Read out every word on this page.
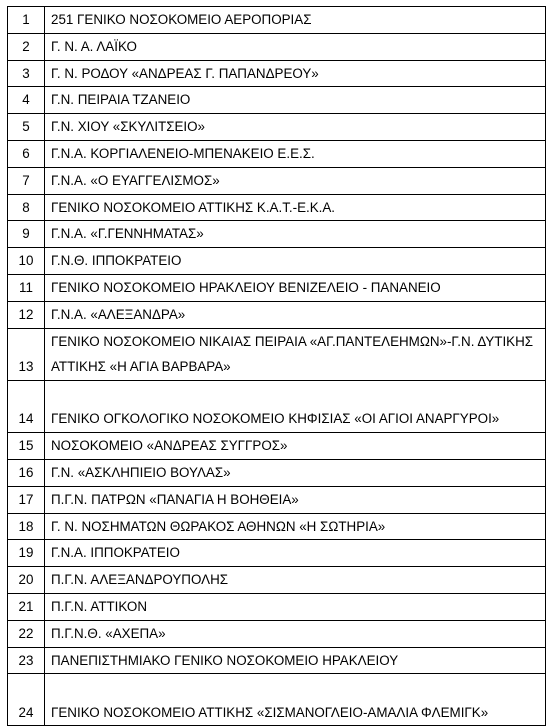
1	251 ΓΕΝΙΚΟ ΝΟΣΟΚΟΜΕΙΟ ΑΕΡΟΠΟΡΙΑΣ
2	Γ. Ν. Α. ΛΑΪΚΟ
3	Γ. Ν. ΡΟΔΟΥ «ΑΝΔΡΕΑΣ Γ. ΠΑΠΑΝΔΡΕΟΥ»
4	Γ.Ν. ΠΕΙΡΑΙΑ ΤΖΑΝΕΙΟ
5	Γ.Ν. ΧΙΟΥ «ΣΚΥΛΙΤΣΕΙΟ»
6	Γ.Ν.Α. ΚΟΡΓΙΑΛΕΝΕΙΟ-ΜΠΕΝΑΚΕΙΟ Ε.Ε.Σ.
7	Γ.Ν.Α. «Ο ΕΥΑΓΓΕΛΙΣΜΟΣ»
8	ΓΕΝΙΚΟ ΝΟΣΟΚΟΜΕΙΟ ΑΤΤΙΚΗΣ Κ.Α.Τ.-Ε.Κ.Α.
9	Γ.Ν.Α. «Γ.ΓΕΝΝΗΜΑΤΑΣ»
10	Γ.Ν.Θ. ΙΠΠΟΚΡΑΤΕΙΟ
11	ΓΕΝΙΚΟ ΝΟΣΟΚΟΜΕΙΟ ΗΡΑΚΛΕΙΟΥ ΒΕΝΙΖΕΛΕΙΟ - ΠΑΝΑΝΕΙΟ
12	Γ.Ν.Α. «ΑΛΕΞΑΝΔΡΑ»
13	ΓΕΝΙΚΟ ΝΟΣΟΚΟΜΕΙΟ ΝΙΚΑΙΑΣ ΠΕΙΡΑΙΑ «ΑΓ.ΠΑΝΤΕΛΕΗΜΩΝ»-Γ.Ν. ΔΥΤΙΚΗΣ ΑΤΤΙΚΗΣ «Η ΑΓΙΑ ΒΑΡΒΑΡΑ»
14	ΓΕΝΙΚΟ ΟΓΚΟΛΟΓΙΚΟ ΝΟΣΟΚΟΜΕΙΟ ΚΗΦΙΣΙΑΣ «ΟΙ ΑΓΙΟΙ ΑΝΑΡΓΥΡΟΙ»
15	ΝΟΣΟΚΟΜΕΙΟ «ΑΝΔΡΕΑΣ ΣΥΓΓΡΟΣ»
16	Γ.Ν. «ΑΣΚΛΗΠΙΕΙΟ ΒΟΥΛΑΣ»
17	Π.Γ.Ν. ΠΑΤΡΩΝ «ΠΑΝΑΓΙΑ Η ΒΟΗΘΕΙΑ»
18	Γ. Ν. ΝΟΣΗΜΑΤΩΝ ΘΩΡΑΚΟΣ ΑΘΗΝΩΝ «Η ΣΩΤΗΡΙΑ»
19	Γ.Ν.Α. ΙΠΠΟΚΡΑΤΕΙΟ
20	Π.Γ.Ν. ΑΛΕΞΑΝΔΡΟΥΠΟΛΗΣ
21	Π.Γ.Ν. ΑΤΤΙΚΟΝ
22	Π.Γ.Ν.Θ. «ΑΧΕΠΑ»
23	ΠΑΝΕΠΙΣΤΗΜΙΑΚΟ ΓΕΝΙΚΟ ΝΟΣΟΚΟΜΕΙΟ ΗΡΑΚΛΕΙΟΥ
24	ΓΕΝΙΚΟ ΝΟΣΟΚΟΜΕΙΟ ΑΤΤΙΚΗΣ «ΣΙΣΜΑΝΟΓΛΕΙΟ-ΑΜΑΛΙΑ ΦΛΕΜΙΓΚ»
